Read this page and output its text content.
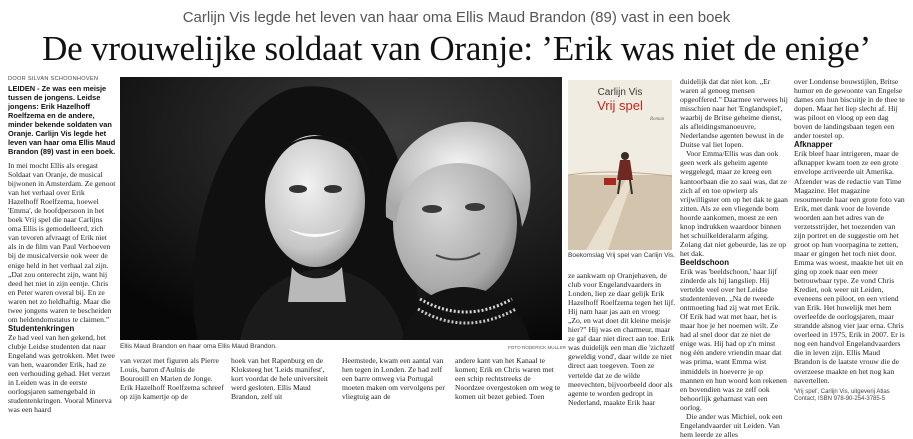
Carlijn Vis legde het leven van haar oma Ellis Maud Brandon (89) vast in een boek
De vrouwelijke soldaat van Oranje: ’Erik was niet de enige’
DOOR SILVAN SCHOONHOVEN

LEIDEN - Ze was een meisje tussen de jongens. Leidse jongens: Erik Hazelhoff Roelfzema en de andere, minder bekende soldaten van Oranje. Carlijn Vis legde het leven van haar oma Ellis Maud Brandon (89) vast in een boek.

In mei mocht Ellis als eregast Soldaat van Oranje, de musical bijwonen in Amsterdam. Ze genoot van het verhaal over Erik Hazelhoff Roelfzema, hoewel 'Emma', de hoofdpersoon in het boek Vrij spel die naar Carlijns oma Ellis is gemodelleerd, zich van tevoren afvraagt of Erik niet als in de film van Paul Verhoeven bij de musicalversie ook weer de enige held in het verhaal zal zijn. „Dat zou onterecht zijn, want hij deed het niet in zijn eentje. Chris en Peter waren overal bij. En ze waren net zo heldhaftig. Maar die twee jongens waren te bescheiden om heldendomstatus te claimen.”

Studentenkringen

Ze had veel van hen gekend, het clubje Leidse studenten dat naar Engeland was getrokken. Met twee van hen, waaronder Erik, had ze een verhouding gehad. Het verzet in Leiden was in de eerste oorlogsjaren samengebald in studentenkringen. Vooral Minerva was een haard

Ellis Maud Brandon en haar oma Ellis Maud Brandon.	FOTO RODERICK MULLER
van verzet met figuren als Pierre Louis, baron d'Aulnis de Bourouill en Marien de Jonge. Erik Hazelhoff Roelfzema schreef op zijn kamertje op de
hoek van het Rapenburg en de Kloksteeg het 'Leids manifest', kort voordat de hele universiteit werd gesloten. Ellis Maud Brandon, zelf uit
Heemstede, kwam een aantal van hen tegen in Londen. Ze had zelf een barre omweg via Portugal moeten maken om vervolgens per vliegtuig aan de
andere kant van het Kanaal te komen; Erik en Chris waren met een schip rechtstreeks de Noordzee overgestoken om weg te komen uit bezet gebied. Toen
Carlijn Vis
Vrij spel
Roman
Boekomslag Vrij spel van Carlijn Vis.
ze aankwam op Oranjehaven, de club voor Engelandvaarders in Londen, liep ze daar gelijk Erik Hazelhoff Roelfzema tegen het lijf. Hij nam haar jas aan en vroeg: „Zo, en wat doet dit kleine meisje hier?” Hij was en charmeur, maar ze gaf daar niet direct aan toe. Erik was duidelijk een man die 'zichzelf geweldig vond', daar wilde ze niet direct aan toegeven. Toen ze vertelde dat ze de wilde meevechten, bijvoorbeeld door als agente te worden gedropt in Nederland, maakte Erik haar

duidelijk dat dat niet kon. „Er waren al genoeg mensen opgeoffered.” Daarmee verwees hij misschien naar het 'Englandspiel', waarbij de Britse geheime dienst, als afleidingsmanoeuvre, Nederlandse agenten bewust in de Duitse val liet lopen.

Voor Emma/Ellis was dan ook geen werk als geheim agente weggelegd, maar ze kreeg een kantoorbaan die zo saai was, dat ze zich af en toe opwierp als vrijwilligster om op het dak te gaan zitten. Als ze een vliegende bom hoorde aankomen, moest ze een knop indrukken waardoor binnen het schuilkelderalarm afging. Zolang dat niet gebeurde, las ze op het dak.

Beeldschoon

Erik was 'beeldschoon,' haar lijf zinderde als hij langsliep. Hij vertelde veel over het Leidse studentenleven. „Na de tweede ontmoeting had zij wat met Erik. Of Erik had wat met haar, het is maar hoe je het noemen wilt. Ze had al snel door dat ze niet de enige was. Hij had op z'n minst nog één andere vriendin maar dat was prima, want Emma wist inmiddels in hoeverre je op mannen en hun woord kon rekenen en bovendien was ze zelf ook behoorlijk geharnast van een oorlog.

Die ander was Michiel, ook een Engelandvaarder uit Leiden. Van hem leerde ze alles

over Londense bouwstijlen, Britse humor en de gewoonte van Engelse dames om hun biscuitje in de thee te dopen. Maar het liep slecht af. Hij was piloot en vloog op een dag boven de landingsbaan tegen een ander toestel op.

Afknapper

Erik bleef haar intrigeren, maar de afknapper kwam toen ze een grote envelope arriveerde uit Amerika. Afzender was de redactie van Time Magazine. Het magazine resoumeerde haar een grote foto van Erik, met dank voor de lovende woorden aan het adres van de verzetsstrijder, het toezenden van zijn portret en de suggestie om het groot op hun voorpagina te zetten, maar er gingen het toch niet door. Emma was woest, maakte het uit en ging op zoek naar een meer betrouwbaar type. Ze vond Chris Krediet, ook weer uit Leiden, eveneens een piloot, en een vriend van Erik. Het huwelijk met hem overleefde de oorlogsjaren, maar strandde alsnog vier jaar erna. Chris overleed in 1975, Erik in 2007. Er is nog een handvol Engelandvaarders die in leven zijn. Ellis Maud Brandon is de laatste vrouw die de overzeese maakte en het nog kan navertellen.

'Vrij spel', Carlijn Vis, uitgeverij Atlas Contact, ISBN 978-90-254-3785-5
